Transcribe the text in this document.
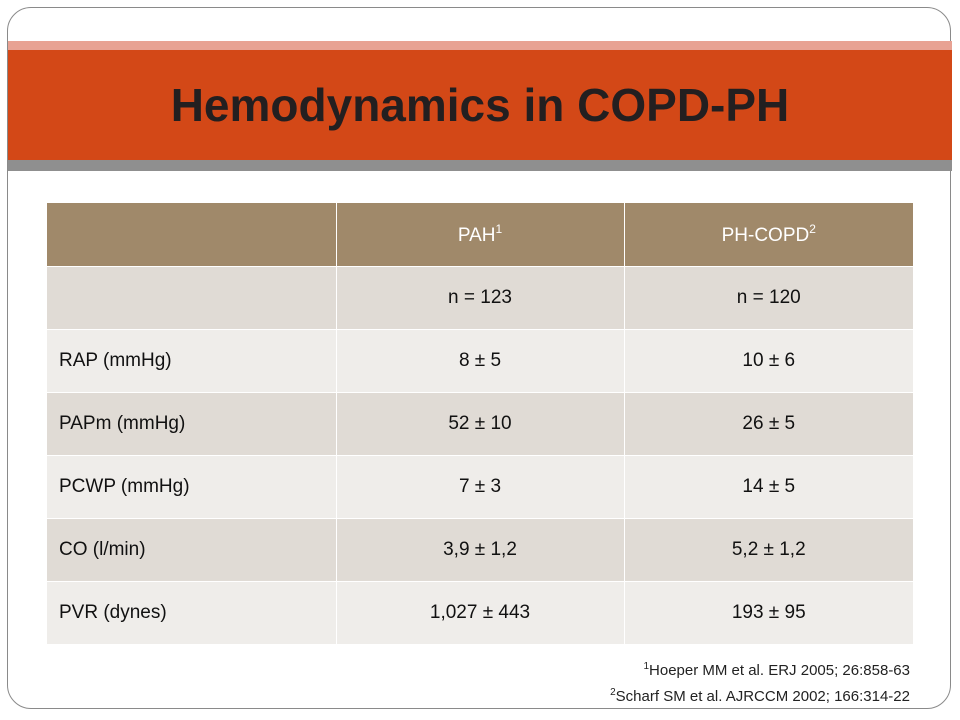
Hemodynamics in COPD-PH
	PAH$^1$	PH-COPD$^2$
	n = 123	n = 120
RAP (mmHg)	8 ± 5	10 ± 6
PAPm (mmHg)	52 ± 10	26 ± 5
PCWP (mmHg)	7 ± 3	14 ± 5
CO (l/min)	3,9 ± 1,2	5,2 ± 1,2
PVR (dynes)	1,027 ± 443	193 ± 95
$^1$Hoeper MM et al. ERJ 2005; 26:858-63
$^2$Scharf SM et al. AJRCCM 2002; 166:314-22
